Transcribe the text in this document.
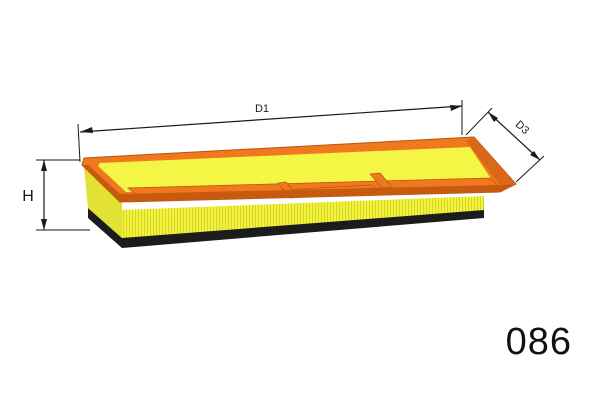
D1
D3
H
086
